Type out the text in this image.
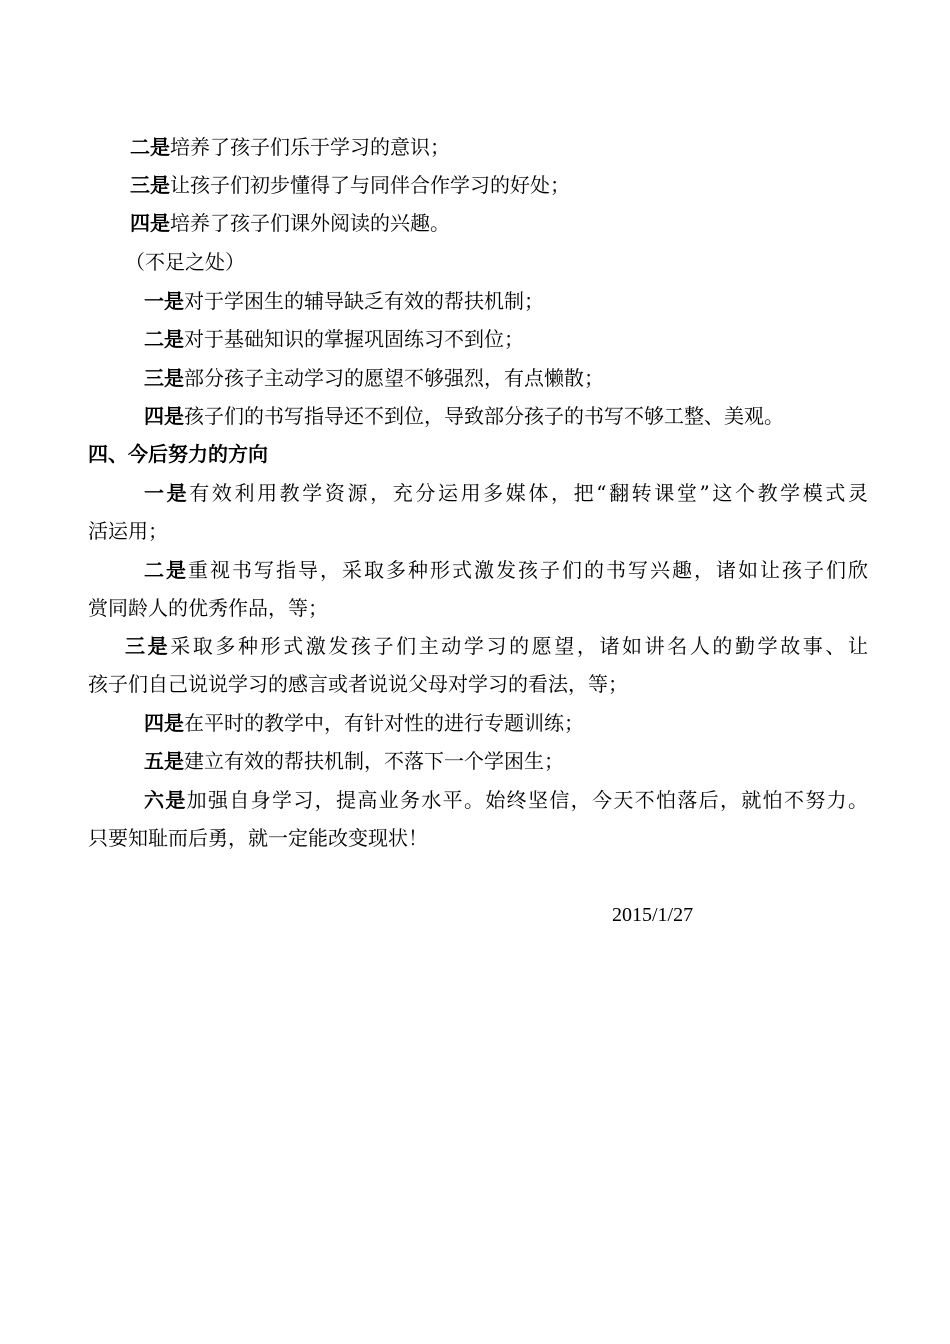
二是培养了孩子们乐于学习的意识；
三是让孩子们初步懂得了与同伴合作学习的好处；
四是培养了孩子们课外阅读的兴趣。
（不足之处）
一是对于学困生的辅导缺乏有效的帮扶机制；
二是对于基础知识的掌握巩固练习不到位；
三是部分孩子主动学习的愿望不够强烈，有点懒散；
四是孩子们的书写指导还不到位，导致部分孩子的书写不够工整、美观。
四、今后努力的方向
一是有效利用教学资源，充分运用多媒体，把“翻转课堂”这个教学模式灵
活运用；
二是重视书写指导，采取多种形式激发孩子们的书写兴趣，诸如让孩子们欣
赏同龄人的优秀作品，等；
三是采取多种形式激发孩子们主动学习的愿望，诸如讲名人的勤学故事、让
孩子们自己说说学习的感言或者说说父母对学习的看法，等；
四是在平时的教学中，有针对性的进行专题训练；
五是建立有效的帮扶机制，不落下一个学困生；
六是加强自身学习，提高业务水平。始终坚信，今天不怕落后，就怕不努力。
只要知耻而后勇，就一定能改变现状！
2015/1/27
